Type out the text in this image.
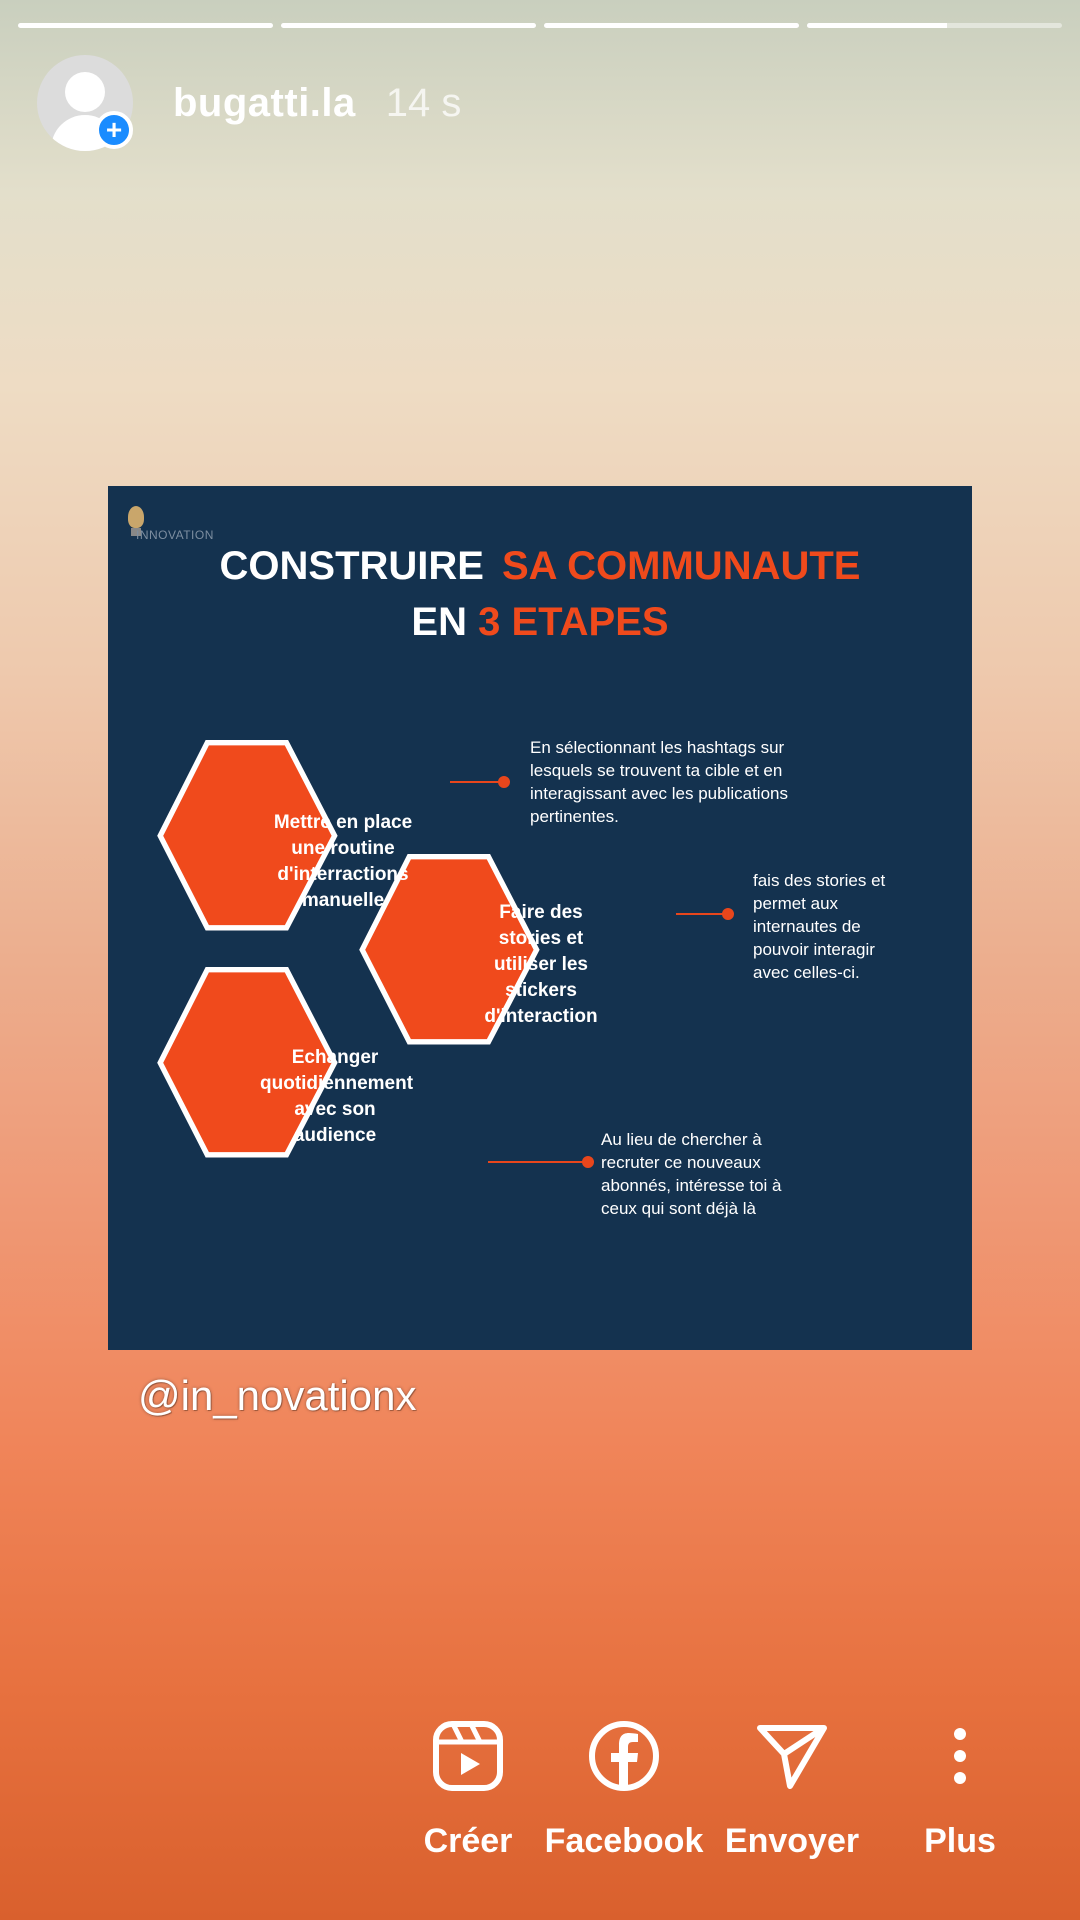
+
bugatti.la 14 s
INNOVATION
CONSTRUIRE SA COMMUNAUTE
EN 3 ETAPES
Mettre en place une routine d'interractions manuelle
Faire des stories et utiliser les stickers d'interaction
Echanger quotidiennement avec son audience
En sélectionnant les hashtags sur lesquels se trouvent ta cible et en interagissant avec les publications pertinentes.
fais des stories et permet aux internautes de pouvoir interagir avec celles-ci.
Au lieu de chercher à recruter ce nouveaux abonnés, intéresse toi à ceux qui sont déjà là
@in_novationx
Créer Facebook Envoyer	Plus
